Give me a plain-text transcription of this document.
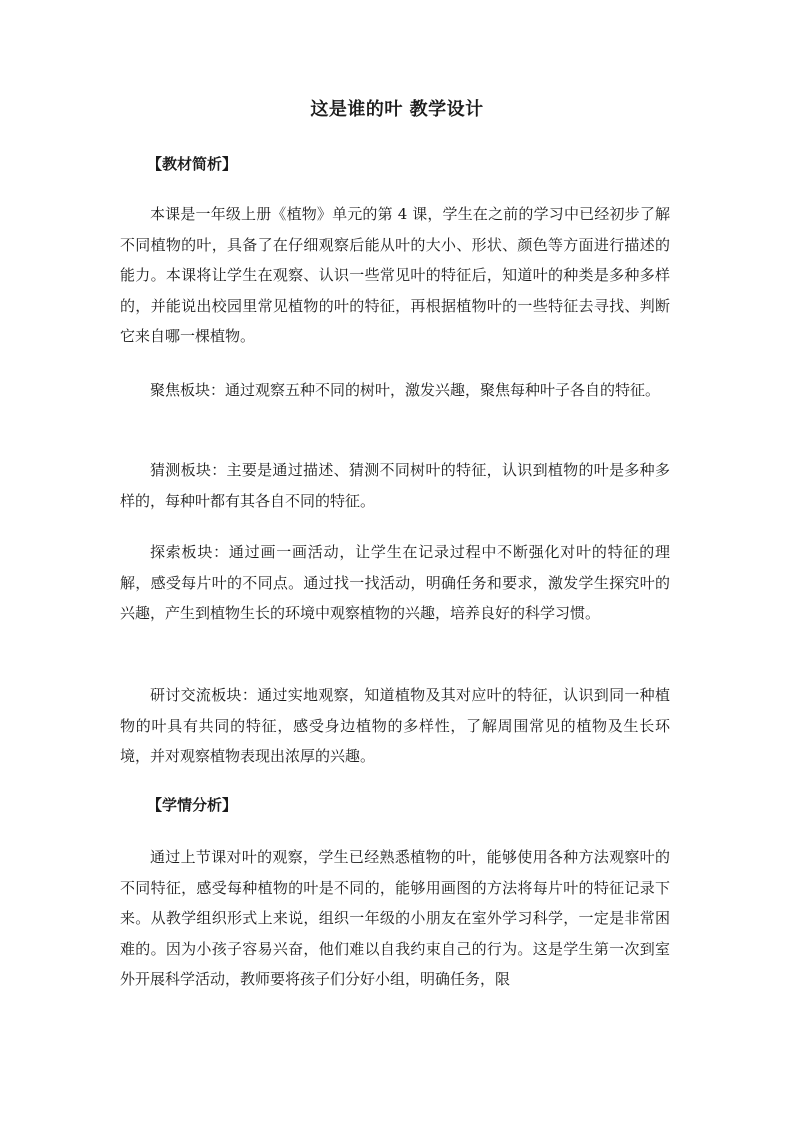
这是谁的叶 教学设计
【教材简析】

本课是一年级上册《植物》单元的第 4 课，学生在之前的学习中已经初步了解不同植物的叶，具备了在仔细观察后能从叶的大小、形状、颜色等方面进行描述的能力。本课将让学生在观察、认识一些常见叶的特征后，知道叶的种类是多种多样的，并能说出校园里常见植物的叶的特征，再根据植物叶的一些特征去寻找、判断它来自哪一棵植物。

聚焦板块：通过观察五种不同的树叶，激发兴趣，聚焦每种叶子各自的特征。

猜测板块：主要是通过描述、猜测不同树叶的特征，认识到植物的叶是多种多样的，每种叶都有其各自不同的特征。

探索板块：通过画一画活动，让学生在记录过程中不断强化对叶的特征的理解，感受每片叶的不同点。通过找一找活动，明确任务和要求，激发学生探究叶的兴趣，产生到植物生长的环境中观察植物的兴趣，培养良好的科学习惯。

研讨交流板块：通过实地观察，知道植物及其对应叶的特征，认识到同一种植物的叶具有共同的特征，感受身边植物的多样性，了解周围常见的植物及生长环境，并对观察植物表现出浓厚的兴趣。

【学情分析】

通过上节课对叶的观察，学生已经熟悉植物的叶，能够使用各种方法观察叶的不同特征，感受每种植物的叶是不同的，能够用画图的方法将每片叶的特征记录下来。从教学组织形式上来说，组织一年级的小朋友在室外学习科学，一定是非常困难的。因为小孩子容易兴奋，他们难以自我约束自己的行为。这是学生第一次到室外开展科学活动，教师要将孩子们分好小组，明确任务，限
